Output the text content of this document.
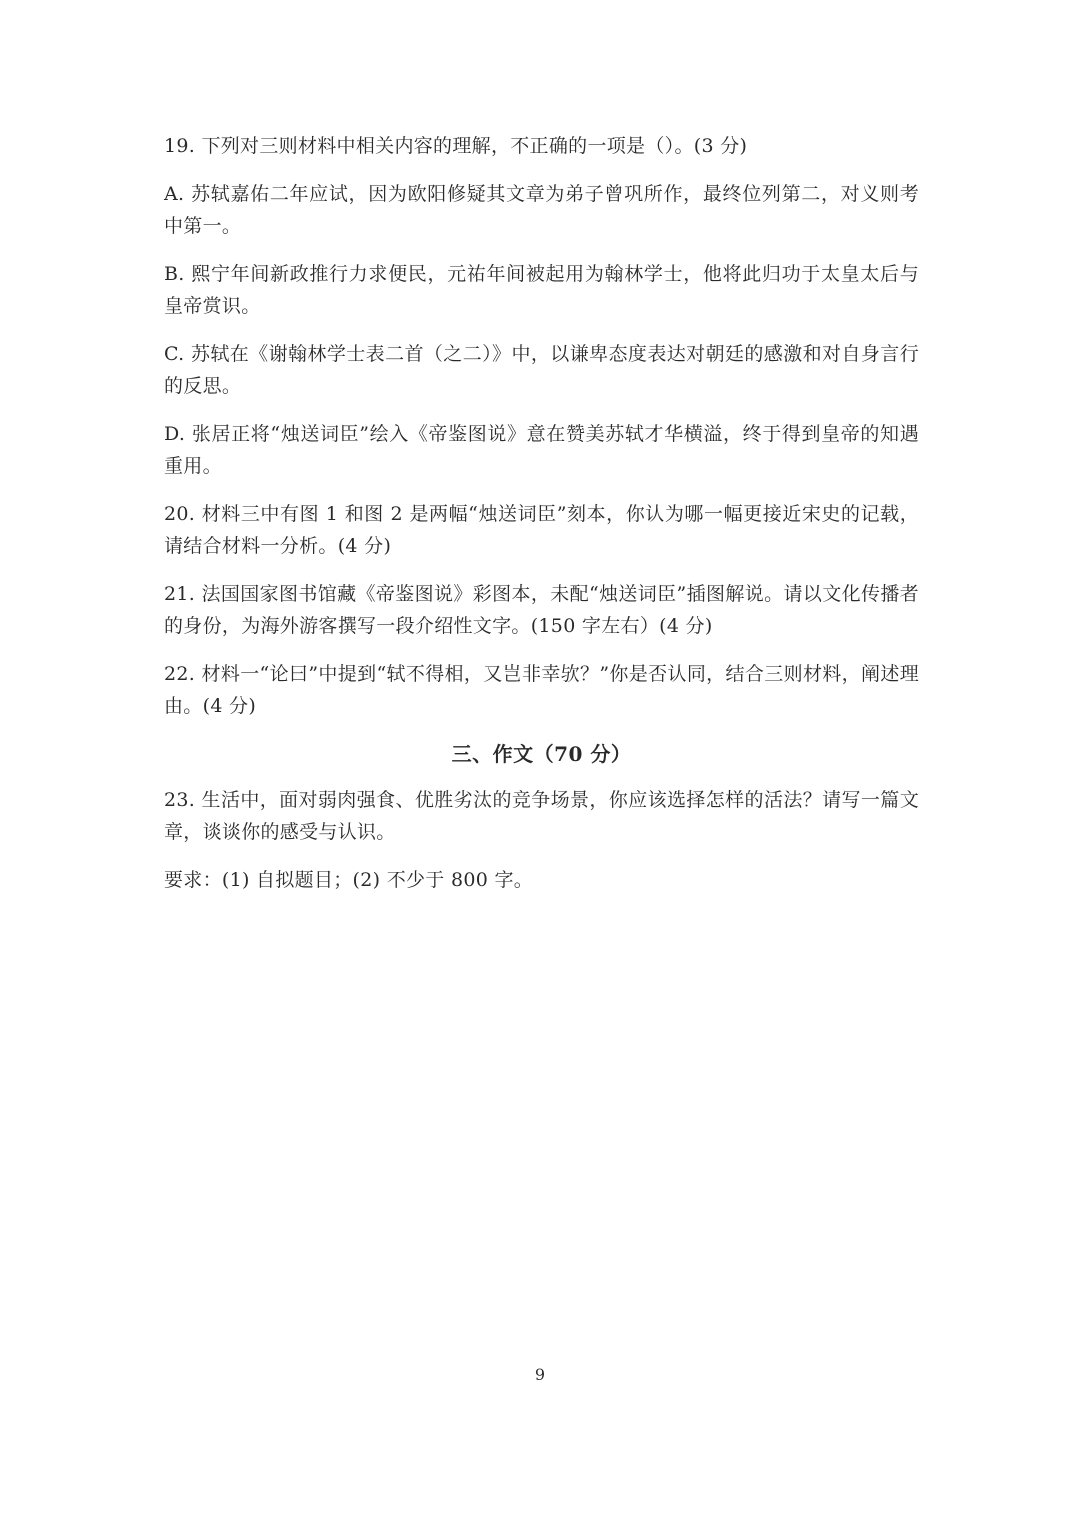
19. 下列对三则材料中相关内容的理解，不正确的一项是（）。(3 分)

A. 苏轼嘉佑二年应试，因为欧阳修疑其文章为弟子曾巩所作，最终位列第二，对义则考中第一。

B. 熙宁年间新政推行力求便民，元祐年间被起用为翰林学士，他将此归功于太皇太后与皇帝赏识。

C. 苏轼在《谢翰林学士表二首（之二）》中，以谦卑态度表达对朝廷的感激和对自身言行的反思。

D. 张居正将“烛送词臣”绘入《帝鉴图说》意在赞美苏轼才华横溢，终于得到皇帝的知遇重用。

20. 材料三中有图 1 和图 2 是两幅“烛送词臣”刻本，你认为哪一幅更接近宋史的记载，请结合材料一分析。(4 分)

21. 法国国家图书馆藏《帝鉴图说》彩图本，未配“烛送词臣”插图解说。请以文化传播者的身份，为海外游客撰写一段介绍性文字。(150 字左右）(4 分)

22. 材料一“论曰”中提到“轼不得相，又岂非幸欤？”你是否认同，结合三则材料，阐述理由。(4 分)

三、作文（70 分）

23. 生活中，面对弱肉强食、优胜劣汰的竞争场景，你应该选择怎样的活法？请写一篇文章，谈谈你的感受与认识。

要求：(1) 自拟题目；(2) 不少于 800 字。

9
